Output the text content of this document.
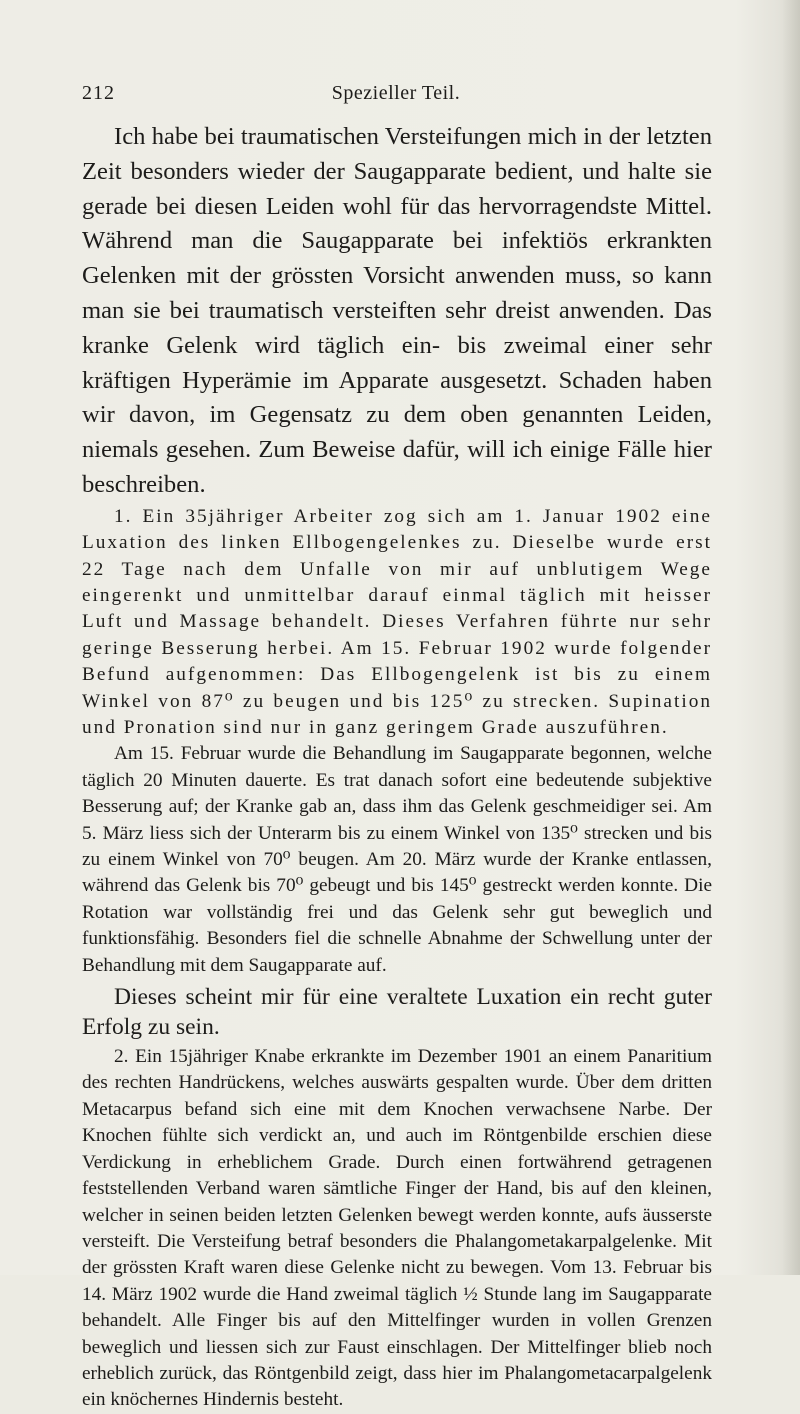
212	Spezieller Teil.

Ich habe bei traumatischen Versteifungen mich in der letzten Zeit besonders wieder der Saugapparate bedient, und halte sie gerade bei diesen Leiden wohl für das hervorragendste Mittel. Während man die Saugapparate bei infektiös erkrankten Gelenken mit der grössten Vorsicht anwenden muss, so kann man sie bei traumatisch versteiften sehr dreist anwenden. Das kranke Gelenk wird täglich ein- bis zweimal einer sehr kräftigen Hyperämie im Apparate ausgesetzt. Schaden haben wir davon, im Gegensatz zu dem oben genannten Leiden, niemals gesehen. Zum Beweise dafür, will ich einige Fälle hier beschreiben.

1. Ein 35jähriger Arbeiter zog sich am 1. Januar 1902 eine Luxation des linken Ellbogengelenkes zu. Dieselbe wurde erst 22 Tage nach dem Unfalle von mir auf unblutigem Wege eingerenkt und unmittelbar darauf einmal täglich mit heisser Luft und Massage behandelt. Dieses Verfahren führte nur sehr geringe Besserung herbei. Am 15. Februar 1902 wurde folgender Befund aufgenommen: Das Ellbogengelenk ist bis zu einem Winkel von 87⁰ zu beugen und bis 125⁰ zu strecken. Supination und Pronation sind nur in ganz geringem Grade auszuführen.

Am 15. Februar wurde die Behandlung im Saugapparate begonnen, welche täglich 20 Minuten dauerte. Es trat danach sofort eine bedeutende subjektive Besserung auf; der Kranke gab an, dass ihm das Gelenk geschmeidiger sei. Am 5. März liess sich der Unterarm bis zu einem Winkel von 135⁰ strecken und bis zu einem Winkel von 70⁰ beugen. Am 20. März wurde der Kranke entlassen, während das Gelenk bis 70⁰ gebeugt und bis 145⁰ gestreckt werden konnte. Die Rotation war vollständig frei und das Gelenk sehr gut beweglich und funktionsfähig. Besonders fiel die schnelle Abnahme der Schwellung unter der Behandlung mit dem Saugapparate auf.

Dieses scheint mir für eine veraltete Luxation ein recht guter Erfolg zu sein.

2. Ein 15jähriger Knabe erkrankte im Dezember 1901 an einem Panaritium des rechten Handrückens, welches auswärts gespalten wurde. Über dem dritten Metacarpus befand sich eine mit dem Knochen verwachsene Narbe. Der Knochen fühlte sich verdickt an, und auch im Röntgenbilde erschien diese Verdickung in erheblichem Grade. Durch einen fortwährend getragenen feststellenden Verband waren sämtliche Finger der Hand, bis auf den kleinen, welcher in seinen beiden letzten Gelenken bewegt werden konnte, aufs äusserste versteift. Die Versteifung betraf besonders die Phalangometakarpalgelenke. Mit der grössten Kraft waren diese Gelenke nicht zu bewegen. Vom 13. Februar bis 14. März 1902 wurde die Hand zweimal täglich ½ Stunde lang im Saugapparate behandelt. Alle Finger bis auf den Mittelfinger wurden in vollen Grenzen beweglich und liessen sich zur Faust einschlagen. Der Mittelfinger blieb noch erheblich zurück, das Röntgenbild zeigt, dass hier im Phalangometacarpalgelenk ein knöchernes Hindernis besteht.
